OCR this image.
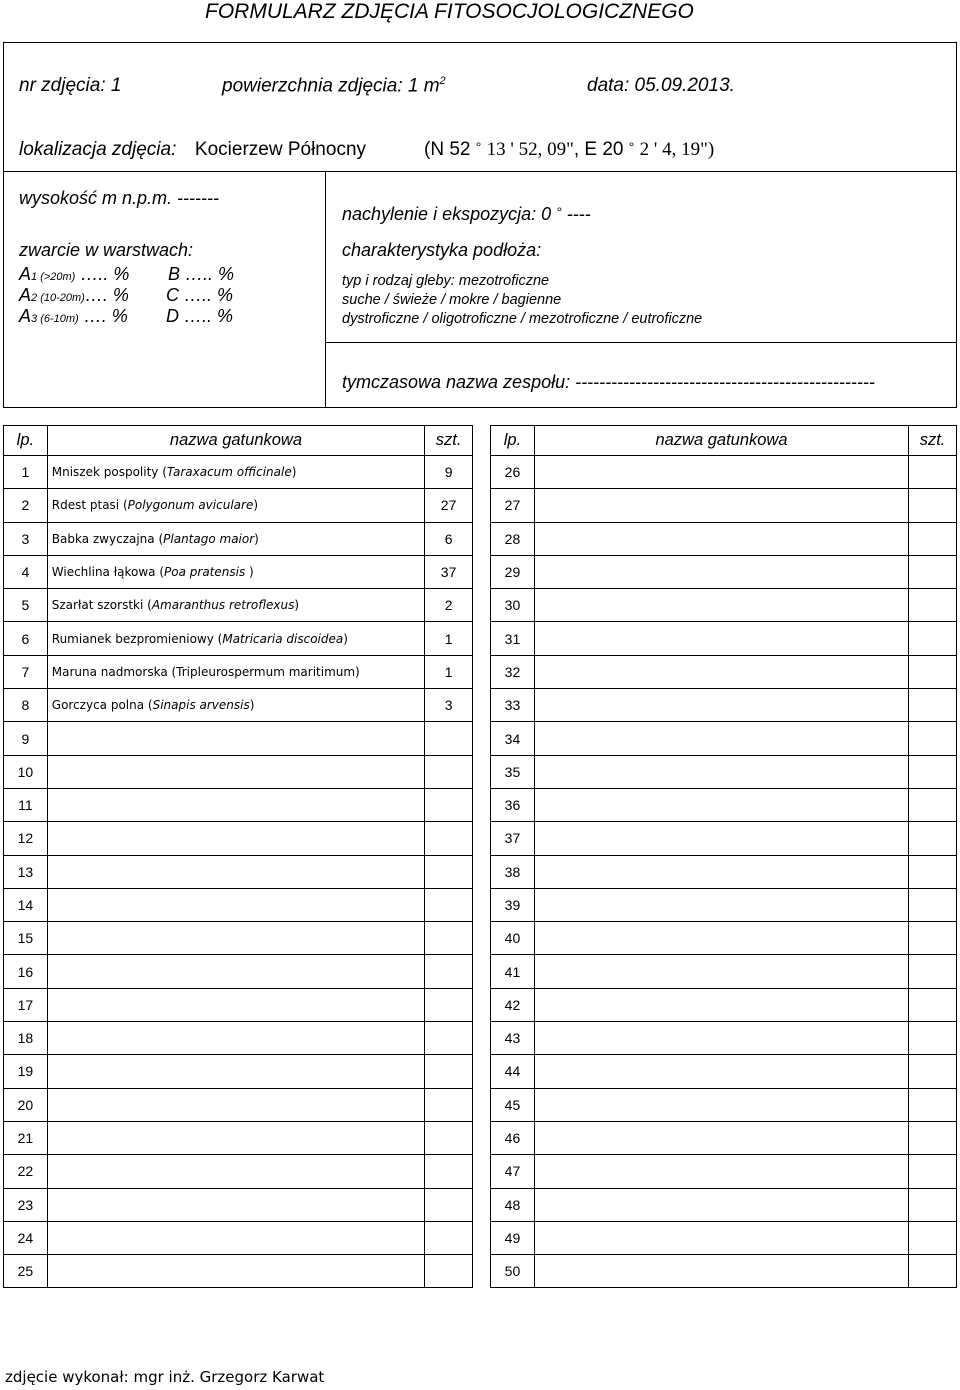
FORMULARZ ZDJĘCIA FITOSOCJOLOGICZNEGO
nr zdjęcia: 1	powierzchnia zdjęcia: 1 $m^2$	data: 05.09.2013.
lokalizacja zdjęcia: Kocierzew Północny	(N 52 ° 13 ' 52, 09", E 20 ° 2 ' 4, 19")
wysokość m n.p.m. -------
nachylenie i ekspozycja: 0 ° ----
zwarcie w warstwach:
A1 (>20m) ….. % B ….. %
A2 (10-20m)…. % C ….. %
A3 (6-10m) …. % D ….. %
charakterystyka podłoża:
typ i rodzaj gleby: mezotroficzne
suche / świeże / mokre / bagienne
dystroficzne / oligotroficzne / mezotroficzne / eutroficzne
tymczasowa nazwa zespołu: --------------------------------------------------
lp.	nazwa gatunkowa	szt.
1	Mniszek pospolity (Taraxacum officinale)	9
2	Rdest ptasi (Polygonum aviculare)	27
3	Babka zwyczajna (Plantago maior)	6
4	Wiechlina łąkowa (Poa pratensis )	37
5	Szarłat szorstki (Amaranthus retroflexus)	2
6	Rumianek bezpromieniowy (Matricaria discoidea)	1
7	Maruna nadmorska (Tripleurospermum maritimum)	1
8	Gorczyca polna (Sinapis arvensis)	3
9		
10		
11		
12		
13		
14		
15		
16		
17		
18		
19		
20		
21		
22		
23		
24		
25		
lp.	nazwa gatunkowa	szt.
26		
27		
28		
29		
30		
31		
32		
33		
34		
35		
36		
37		
38		
39		
40		
41		
42		
43		
44		
45		
46		
47		
48		
49		
50		
zdjęcie wykonał: mgr inż. Grzegorz Karwat
